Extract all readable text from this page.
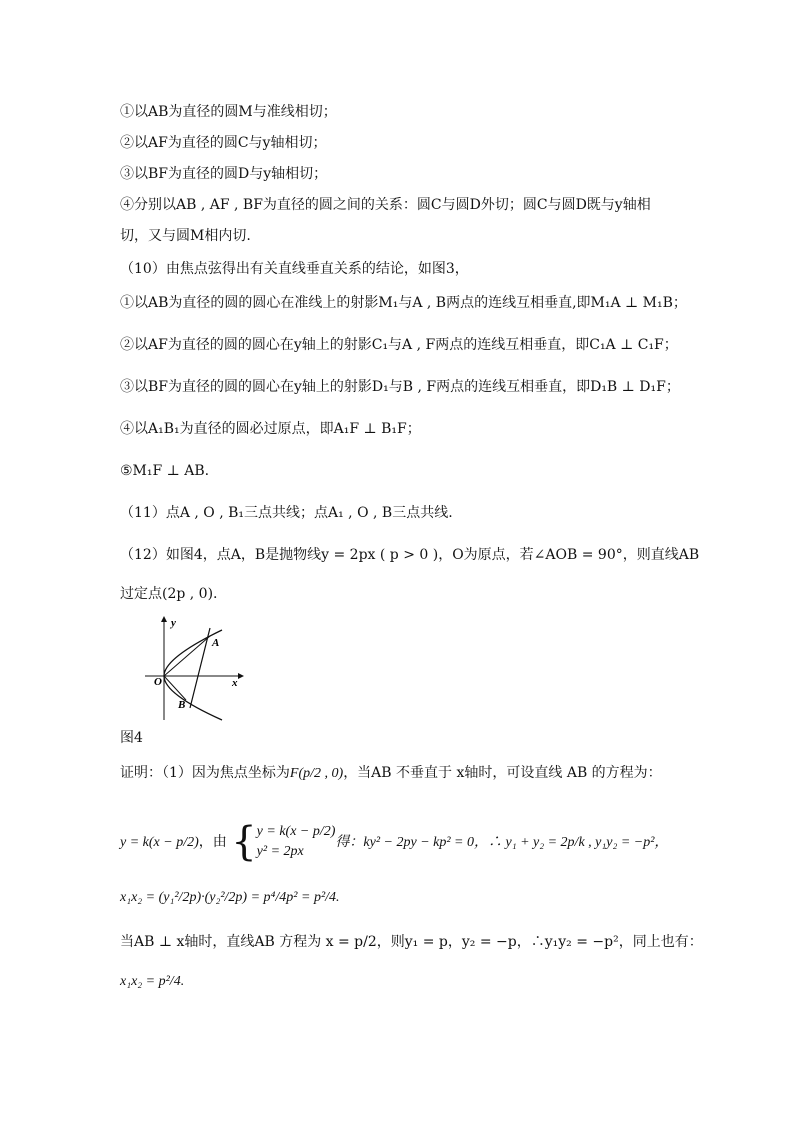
①以AB为直径的圆M与准线相切；
②以AF为直径的圆C与y轴相切；
③以BF为直径的圆D与y轴相切；
④分别以AB , AF , BF为直径的圆之间的关系：圆C与圆D外切；圆C与圆D既与y轴相
切，又与圆M相内切.
（10）由焦点弦得出有关直线垂直关系的结论，如图3，
①以AB为直径的圆的圆心在准线上的射影M₁与A , B两点的连线互相垂直,即M₁A ⊥ M₁B；
②以AF为直径的圆的圆心在y轴上的射影C₁与A , F两点的连线互相垂直，即C₁A ⊥ C₁F；
③以BF为直径的圆的圆心在y轴上的射影D₁与B , F两点的连线互相垂直，即D₁B ⊥ D₁F；
④以A₁B₁为直径的圆必过原点，即A₁F ⊥ B₁F；
⑤M₁F ⊥ AB.
（11）点A , O , B₁三点共线；点A₁ , O , B三点共线.
（12）如图4，点A，B是抛物线y = 2px ( p > 0 )，O为原点，若∠AOB = 90°，则直线AB
过定点(2p , 0).
y
x
O
A
B
图4
证明：（1）因为焦点坐标为F(p/2 , 0)，当AB 不垂直于 x轴时，可设直线 AB 的方程为：
y = k(x − p/2)，由 { y = k(x − p/2)
y² = 2px
得：ky² − 2py − kp² = 0，∴ y₁ + y₂ = 2p/k , y₁y₂ = −p²，
x₁x₂ = (y₁²/2p)·(y₂²/2p) = p⁴/4p² = p²/4.
当AB ⊥ x轴时，直线AB 方程为 x = p/2，则y₁ = p，y₂ = −p，∴y₁y₂ = −p²，同上也有：
x₁x₂ = p²/4.
